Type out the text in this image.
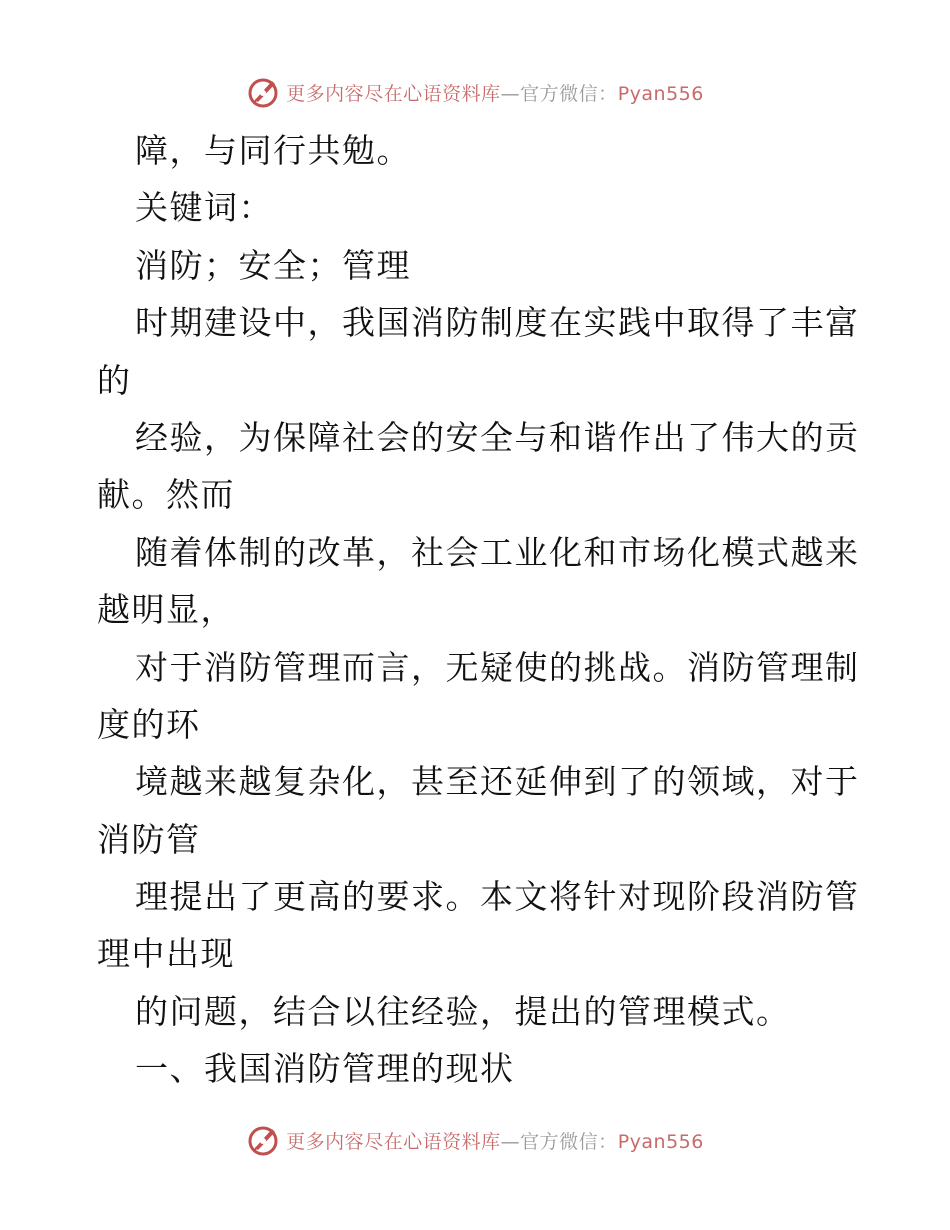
更多内容尽在心语资料库—官方微信：Pyan556
障，与同行共勉。
关键词：
消防；安全；管理
时期建设中，我国消防制度在实践中取得了丰富
的
经验，为保障社会的安全与和谐作出了伟大的贡
献。然而
随着体制的改革，社会工业化和市场化模式越来
越明显，
对于消防管理而言，无疑使的挑战。消防管理制
度的环
境越来越复杂化，甚至还延伸到了的领域，对于
消防管
理提出了更高的要求。本文将针对现阶段消防管
理中出现
的问题，结合以往经验，提出的管理模式。
一、我国消防管理的现状
更多内容尽在心语资料库—官方微信：Pyan556
